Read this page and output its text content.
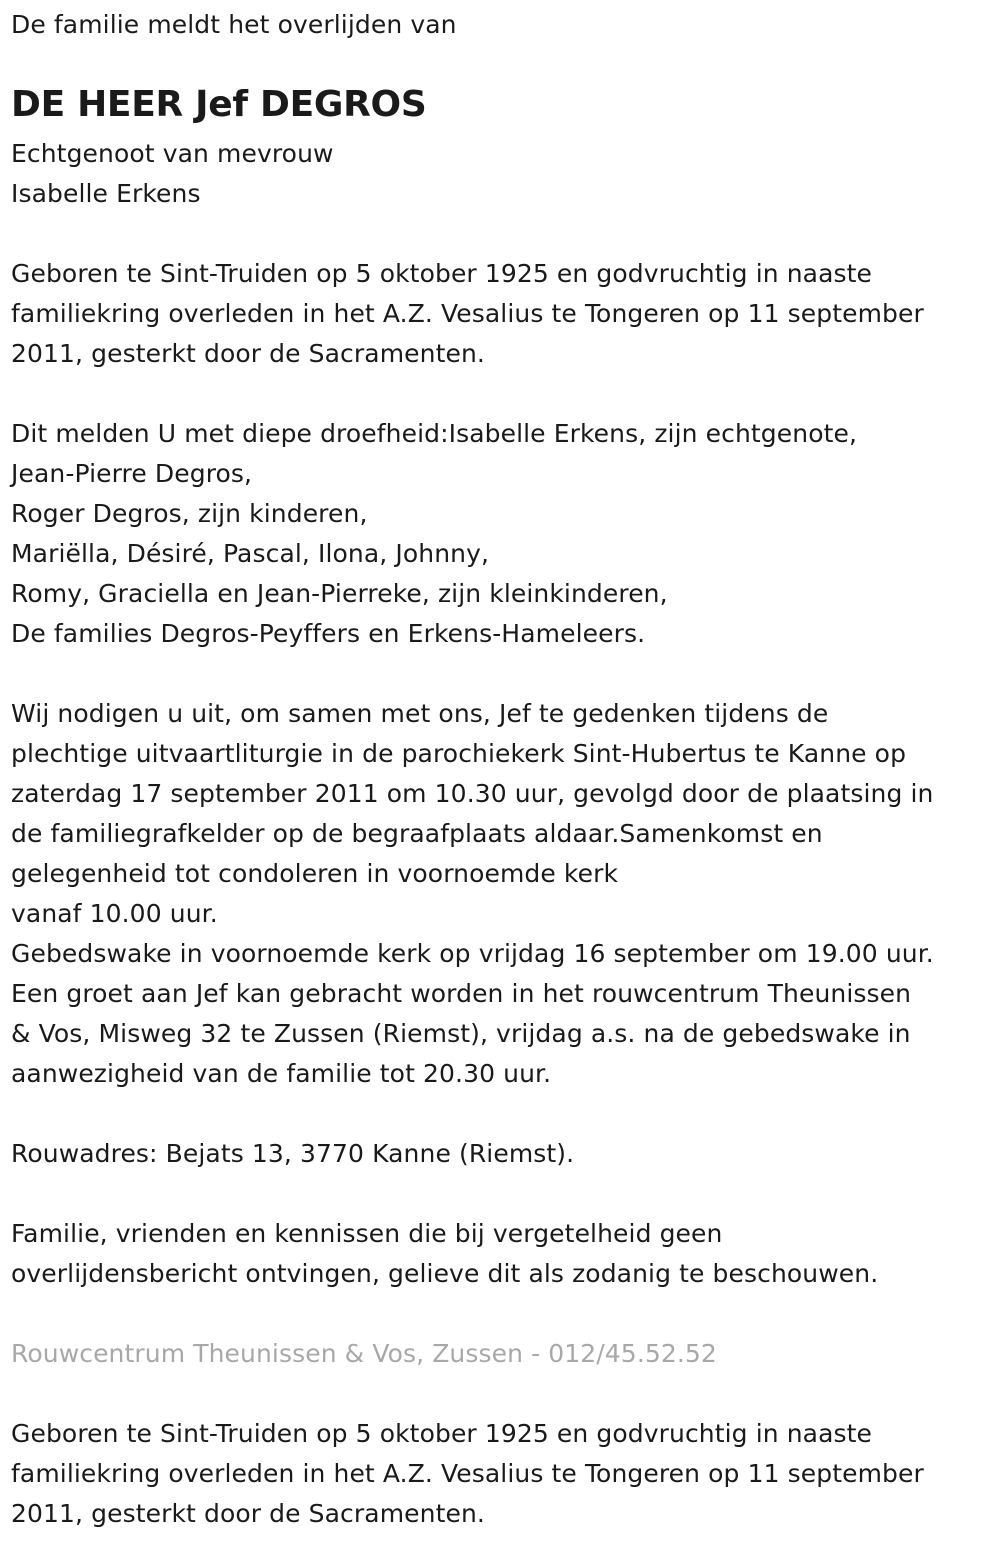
De familie meldt het overlijden van
DE HEER Jef DEGROS
Echtgenoot van mevrouw
Isabelle Erkens
Geboren te Sint-Truiden op 5 oktober 1925 en godvruchtig in naaste
familiekring overleden in het A.Z. Vesalius te Tongeren op 11 september
2011, gesterkt door de Sacramenten.
Dit melden U met diepe droefheid:Isabelle Erkens, zijn echtgenote,
Jean-Pierre Degros,
Roger Degros, zijn kinderen,
Mariëlla, Désiré, Pascal, Ilona, Johnny,
Romy, Graciella en Jean-Pierreke, zijn kleinkinderen,
De families Degros-Peyffers en Erkens-Hameleers.
Wij nodigen u uit, om samen met ons, Jef te gedenken tijdens de
plechtige uitvaartliturgie in de parochiekerk Sint-Hubertus te Kanne op
zaterdag 17 september 2011 om 10.30 uur, gevolgd door de plaatsing in
de familiegrafkelder op de begraafplaats aldaar.Samenkomst en
gelegenheid tot condoleren in voornoemde kerk
vanaf 10.00 uur.
Gebedswake in voornoemde kerk op vrijdag 16 september om 19.00 uur.
Een groet aan Jef kan gebracht worden in het rouwcentrum Theunissen
& Vos, Misweg 32 te Zussen (Riemst), vrijdag a.s. na de gebedswake in
aanwezigheid van de familie tot 20.30 uur.
Rouwadres: Bejats 13, 3770 Kanne (Riemst).
Familie, vrienden en kennissen die bij vergetelheid geen
overlijdensbericht ontvingen, gelieve dit als zodanig te beschouwen.
Rouwcentrum Theunissen & Vos, Zussen - 012/45.52.52
Geboren te Sint-Truiden op 5 oktober 1925 en godvruchtig in naaste
familiekring overleden in het A.Z. Vesalius te Tongeren op 11 september
2011, gesterkt door de Sacramenten.
